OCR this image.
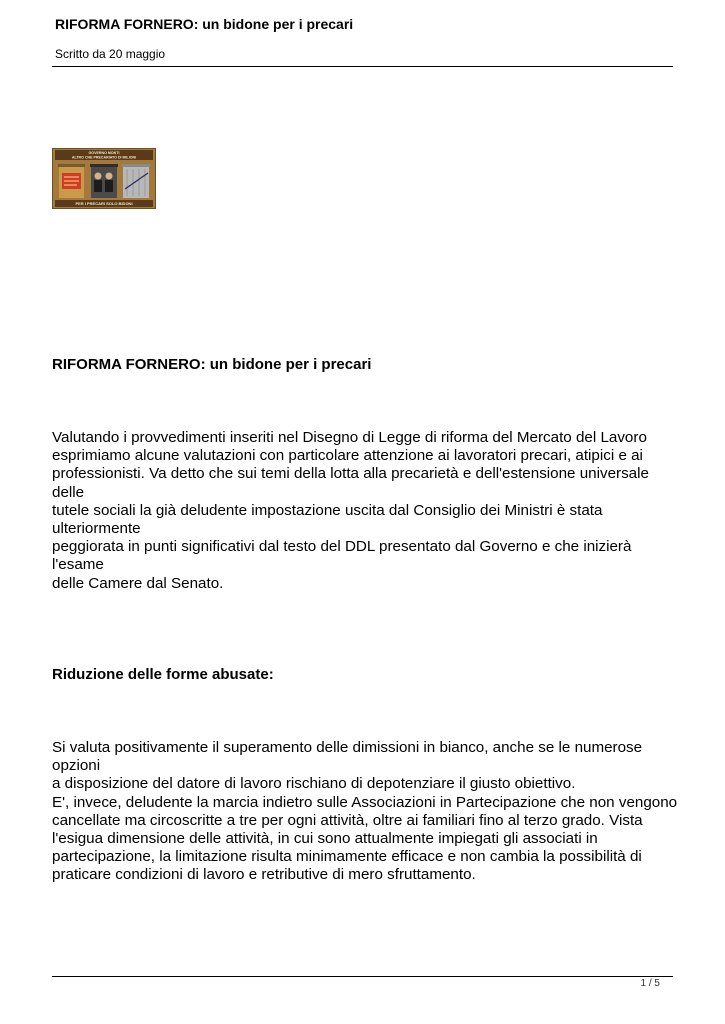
RIFORMA FORNERO: un bidone per i precari
Scritto da 20 maggio
GOVERNO MONTI
ALTRO CHE PRECARIATO DI MILIONI
PER I PRECARI SOLO BIDONI
RIFORMA FORNERO: un bidone per i precari

Valutando i provvedimenti inseriti nel Disegno di Legge di riforma del Mercato del Lavoro

esprimiamo alcune valutazioni con particolare attenzione ai lavoratori precari, atipici e ai

professionisti. Va detto che sui temi della lotta alla precarietà e dell'estensione universale delle

tutele sociali la già deludente impostazione uscita dal Consiglio dei Ministri è stata ulteriormente

peggiorata in punti significativi dal testo del DDL presentato dal Governo e che inizierà l'esame

delle Camere dal Senato.

Riduzione delle forme abusate:

Si valuta positivamente il superamento delle dimissioni in bianco, anche se le numerose opzioni

a disposizione del datore di lavoro rischiano di depotenziare il giusto obiettivo.

E', invece, deludente la marcia indietro sulle Associazioni in Partecipazione che non vengono

cancellate ma circoscritte a tre per ogni attività, oltre ai familiari fino al terzo grado. Vista

l'esigua dimensione delle attività, in cui sono attualmente impiegati gli associati in

partecipazione, la limitazione risulta minimamente efficace e non cambia la possibilità di

praticare condizioni di lavoro e retributive di mero sfruttamento.

1 / 5
